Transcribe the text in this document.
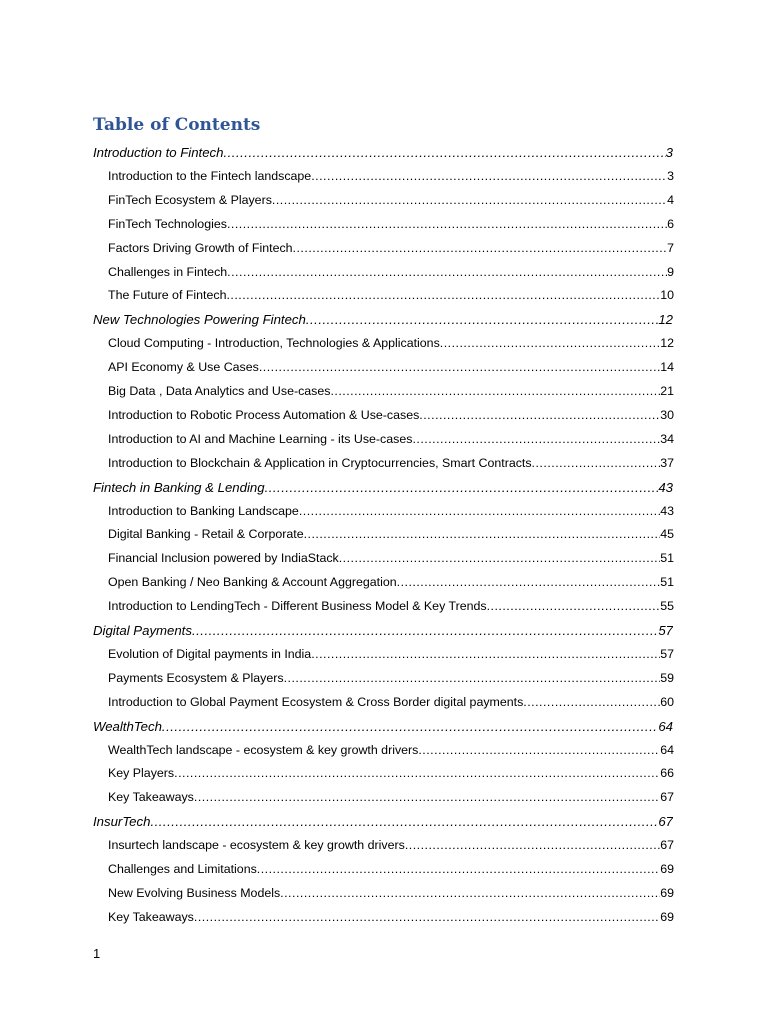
Table of Contents
Introduction to Fintech .....	3
Introduction to the Fintech landscape .....	3
FinTech Ecosystem & Players .....	4
FinTech Technologies .....	6
Factors Driving Growth of Fintech .....	7
Challenges in Fintech .....	9
The Future of Fintech .....	10
New Technologies Powering Fintech .....	12
Cloud Computing - Introduction, Technologies & Applications .....	12
API Economy & Use Cases .....	14
Big Data , Data Analytics and Use-cases .....	21
Introduction to Robotic Process Automation & Use-cases .....	30
Introduction to AI and Machine Learning - its Use-cases .....	34
Introduction to Blockchain & Application in Cryptocurrencies, Smart Contracts .....	37
Fintech in Banking & Lending .....	43
Introduction to Banking Landscape .....	43
Digital Banking - Retail & Corporate .....	45
Financial Inclusion powered by IndiaStack .....	51
Open Banking / Neo Banking & Account Aggregation .....	51
Introduction to LendingTech - Different Business Model & Key Trends .....	55
Digital Payments .....	57
Evolution of Digital payments in India .....	57
Payments Ecosystem & Players .....	59
Introduction to Global Payment Ecosystem & Cross Border digital payments .....	60
WealthTech .....	64
WealthTech landscape - ecosystem & key growth drivers .....	64
Key Players .....	66
Key Takeaways .....	67
InsurTech .....	67
Insurtech landscape - ecosystem & key growth drivers .....	67
Challenges and Limitations .....	69
New Evolving Business Models .....	69
Key Takeaways .....	69
1
